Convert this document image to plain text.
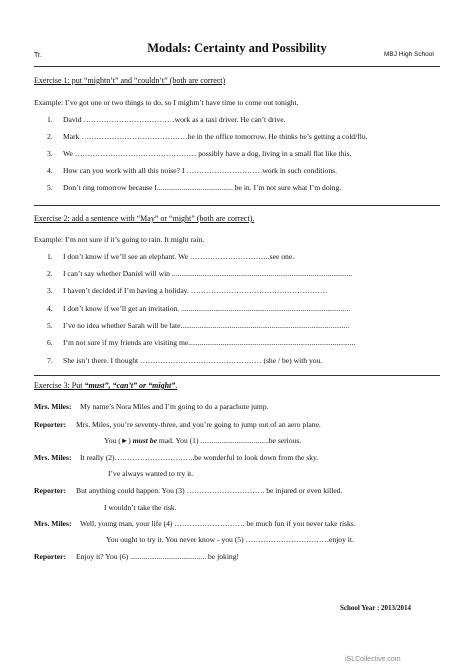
Tr.
Modals: Certainty and Possibility	MBJ High School
Exercise 1: put “mightn’t” and “couldn’t” (both are correct)
Example: I’ve got one or two things to do, so I mightn’t have time to come out tonight.
1. David ………………………………work as a taxi driver. He can’t drive.
2. Mark ……………………………………be in the office tomorrow. He thinks he’s getting a cold/flu.
3. We ………………………………………… possibly have a dog, living in a small flat like this.
4. How can you work with all this noise? I …………………………work in such conditions.
5. Don’t ring tomorrow because I........................................ be in. I’m not sure what I’m doing.
Exercise 2: add a sentence with “May” or “might” (both are correct).
Example: I’m not sure if it’s going to rain. It might rain.
1. I don’t know if we’ll see an elephant. We …………………………..see one.
2. I can’t say whether Daniel will win ...............................................................................................
3. I haven’t decided if I’m having a holiday. ………………………………………………
4. I don’t know if we’ll get an invitation. .........................................................................................
5. I’ve no idea whether Sarah will be late.........................................................................................
6. I’m not sure if my friends are visiting me........................................................................................
7. She isn’t there. I thought ………………………………………… (she / be) with you.
Exercise 3: Put “must”, “can’t” or “might”.
Mrs. Miles: My name’s Nora Miles and I’m going to do a parachute jump.
Reporter: Mrs. Miles, you’re seventy-three, and you’re going to jump out of an aero plane.
You (►) must be mad. You (1) ....................................be serious.
Mrs. Miles: It really (2)…………………………..be wonderful to look down from the sky.
I’ve always wanted to try it.
Reporter: But anything could happen. You (3) …………………………. be injured or even killed.
I wouldn’t take the risk.
Mrs. Miles: Well, young man, your life (4) ………………………. be much fun if you never take risks.
You ought to try it. You never know - you (5) ……………………………enjoy it.
Reporter: Enjoy it? You (6) ........................................ be joking!
School Year : 2013/2014
iSLCollective.com
